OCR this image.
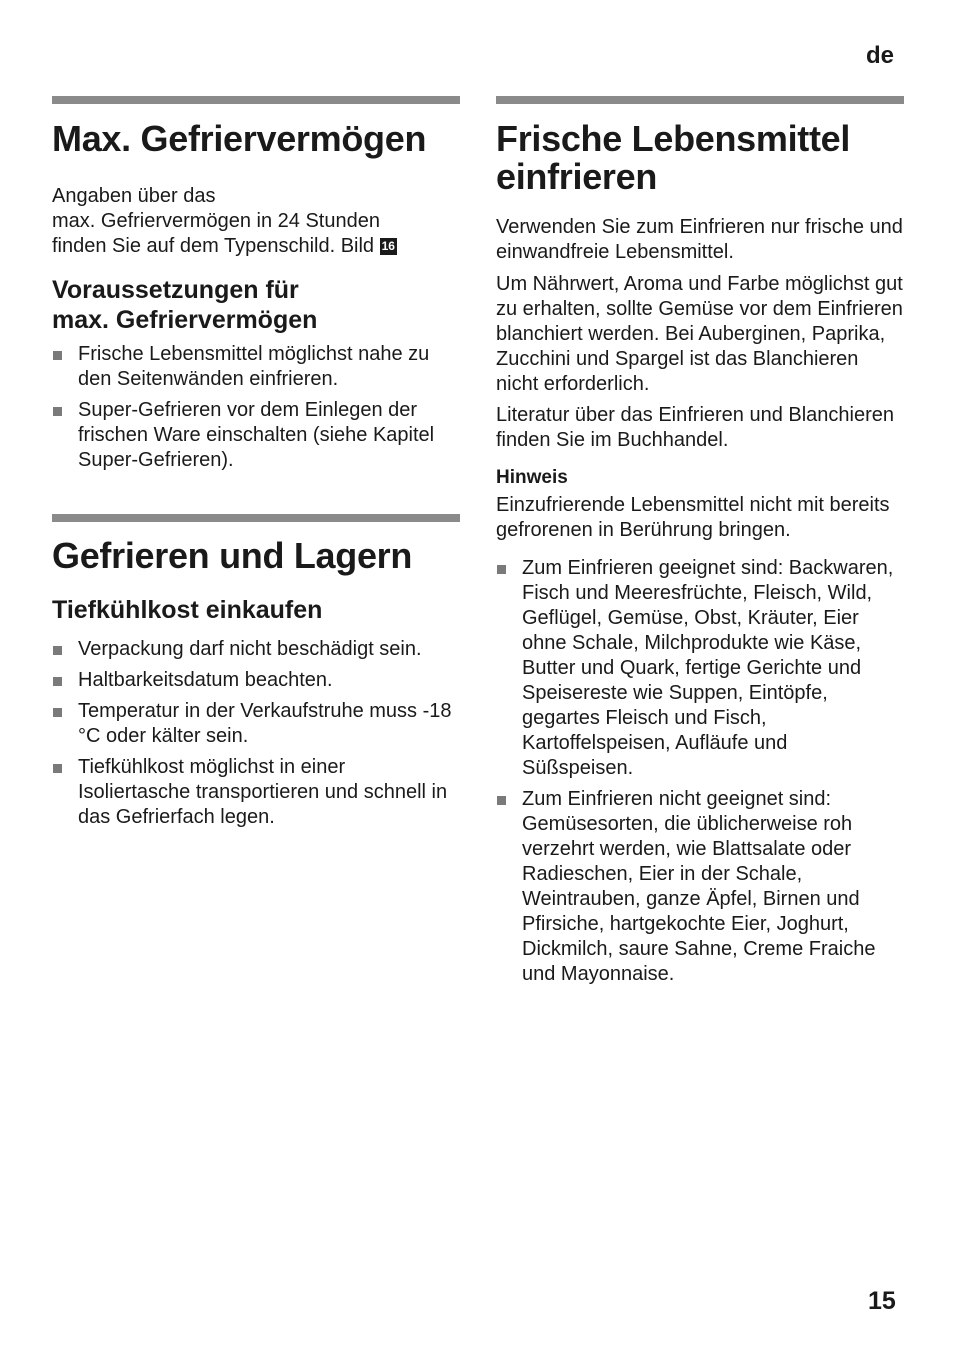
de
Max. Gefriervermögen

Angaben über das
max. Gefriervermögen in 24 Stunden
finden Sie auf dem Typenschild. Bild 16

Voraussetzungen für
max. Gefriervermögen
Frische Lebensmittel möglichst nahe zu den Seitenwänden einfrieren.
Super-Gefrieren vor dem Einlegen der frischen Ware einschalten (siehe Kapitel Super-Gefrieren).
Gefrieren und Lagern
Tiefkühlkost einkaufen
Verpackung darf nicht beschädigt sein.
Haltbarkeitsdatum beachten.
Temperatur in der Verkaufstruhe muss -18 °C oder kälter sein.
Tiefkühlkost möglichst in einer Isoliertasche transportieren und schnell in das Gefrierfach legen.
Frische Lebensmittel
einfrieren

Verwenden Sie zum Einfrieren nur frische und einwandfreie Lebensmittel.

Um Nährwert, Aroma und Farbe möglichst gut zu erhalten, sollte Gemüse vor dem Einfrieren blanchiert werden. Bei Auberginen, Paprika, Zucchini und Spargel ist das Blanchieren nicht erforderlich.

Literatur über das Einfrieren und Blanchieren finden Sie im Buchhandel.

Hinweis

Einzufrierende Lebensmittel nicht mit bereits gefrorenen in Berührung bringen.

Zum Einfrieren geeignet sind: Backwaren, Fisch und Meeresfrüchte, Fleisch, Wild, Geflügel, Gemüse, Obst, Kräuter, Eier ohne Schale, Milchprodukte wie Käse, Butter und Quark, fertige Gerichte und Speisereste wie Suppen, Eintöpfe, gegartes Fleisch und Fisch, Kartoffelspeisen, Aufläufe und Süßspeisen.
Zum Einfrieren nicht geeignet sind: Gemüsesorten, die üblicherweise roh verzehrt werden, wie Blattsalate oder Radieschen, Eier in der Schale, Weintrauben, ganze Äpfel, Birnen und Pfirsiche, hartgekochte Eier, Joghurt, Dickmilch, saure Sahne, Creme Fraiche und Mayonnaise.
15
